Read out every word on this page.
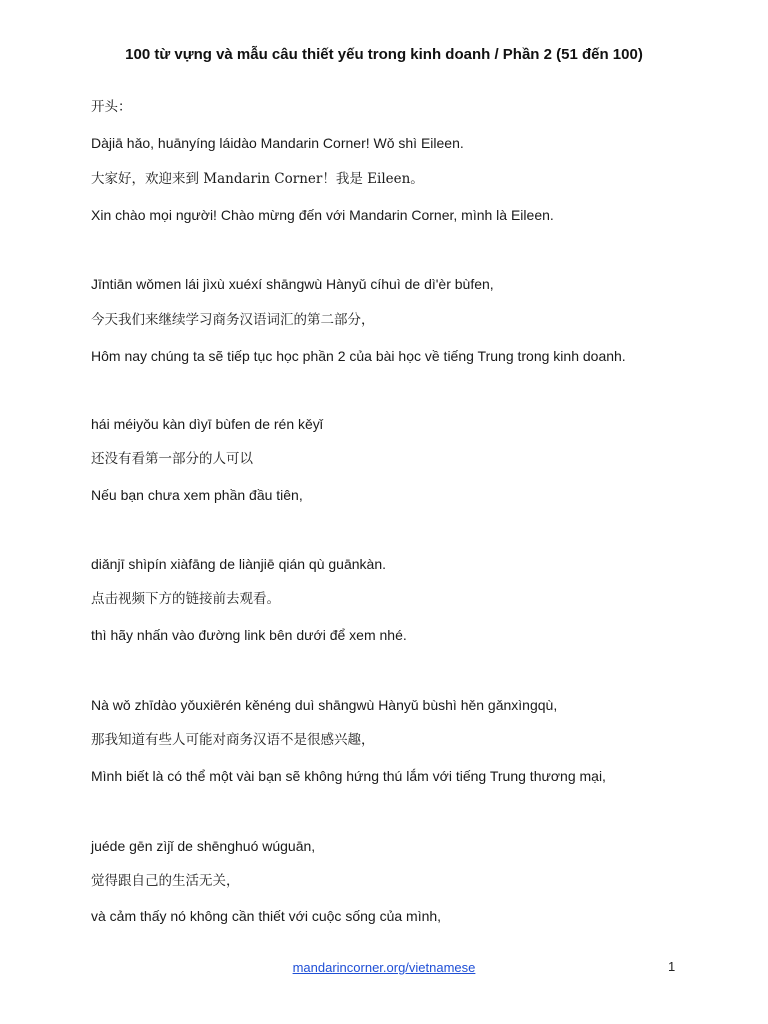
100 từ vựng và mẫu câu thiết yếu trong kinh doanh / Phần 2 (51 đến 100)
开头：
Dàjiā hǎo, huānyíng láidào Mandarin Corner! Wǒ shì Eileen.
大家好，欢迎来到 Mandarin Corner！我是 Eileen。
Xin chào mọi người! Chào mừng đến với Mandarin Corner, mình là Eileen.
Jīntiān wǒmen lái jìxù xuéxí shāngwù Hànyǔ cíhuì de dì'èr bùfen,
今天我们来继续学习商务汉语词汇的第二部分，
Hôm nay chúng ta sẽ tiếp tục học phần 2 của bài học về tiếng Trung trong kinh doanh.
hái méiyǒu kàn dìyī bùfen de rén kěyǐ
还没有看第一部分的人可以
Nếu bạn chưa xem phần đầu tiên,
diǎnjī shìpín xiàfāng de liànjiē qián qù guānkàn.
点击视频下方的链接前去观看。
thì hãy nhấn vào đường link bên dưới để xem nhé.
Nà wǒ zhīdào yǒuxiērén kěnéng duì shāngwù Hànyǔ bùshì hěn gǎnxìngqù,
那我知道有些人可能对商务汉语不是很感兴趣，
Mình biết là có thể một vài bạn sẽ không hứng thú lắm với tiếng Trung thương mại,
juéde gēn zìjǐ de shēnghuó wúguān,
觉得跟自己的生活无关，
và cảm thấy nó không cần thiết với cuộc sống của mình,
mandarincorner.org/vietnamese	1
